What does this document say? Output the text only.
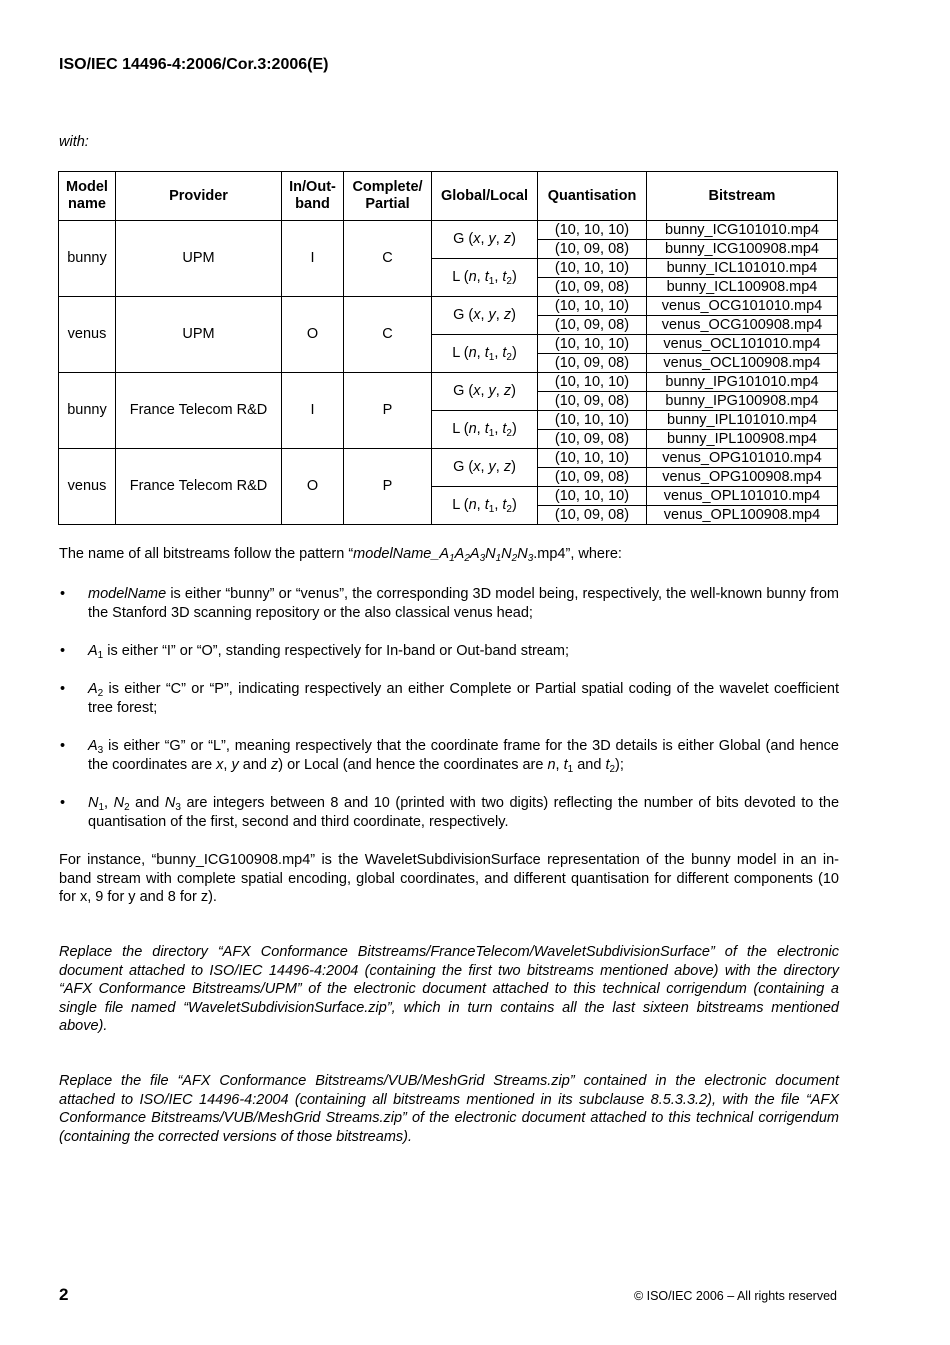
ISO/IEC 14496-4:2006/Cor.3:2006(E)
with:
Model name	Provider	In/Out-band	Complete/ Partial	Global/Local	Quantisation	Bitstream
bunny	UPM	I	C	G (x, y, z)	(10, 10, 10)	bunny_ICG101010.mp4
					(10, 09, 08)	bunny_ICG100908.mp4
				L (n, $t_1$, $t_2$)	(10, 10, 10)	bunny_ICL101010.mp4
					(10, 09, 08)	bunny_ICL100908.mp4
venus	UPM	O	C	G (x, y, z)	(10, 10, 10)	venus_OCG101010.mp4
					(10, 09, 08)	venus_OCG100908.mp4
				L (n, $t_1$, $t_2$)	(10, 10, 10)	venus_OCL101010.mp4
					(10, 09, 08)	venus_OCL100908.mp4
bunny	France Telecom R&D	I	P	G (x, y, z)	(10, 10, 10)	bunny_IPG101010.mp4
					(10, 09, 08)	bunny_IPG100908.mp4
				L (n, $t_1$, $t_2$)	(10, 10, 10)	bunny_IPL101010.mp4
					(10, 09, 08)	bunny_IPL100908.mp4
venus	France Telecom R&D	O	P	G (x, y, z)	(10, 10, 10)	venus_OPG101010.mp4
					(10, 09, 08)	venus_OPG100908.mp4
				L (n, $t_1$, $t_2$)	(10, 10, 10)	venus_OPL101010.mp4
					(10, 09, 08)	venus_OPL100908.mp4
The name of all bitstreams follow the pattern “$modelName\_A_1A_2A_3N_1N_2N_3.mp4$”, where:
• modelName is either “bunny” or “venus”, the corresponding 3D model being, respectively, the well-known bunny from the Stanford 3D scanning repository or the also classical venus head;
• $A_1$ is either “I” or “O”, standing respectively for In-band or Out-band stream;
• $A_2$ is either “C” or “P”, indicating respectively an either Complete or Partial spatial coding of the wavelet coefficient tree forest;
• $A_3$ is either “G” or “L”, meaning respectively that the coordinate frame for the 3D details is either Global (and hence the coordinates are x, y and z) or Local (and hence the coordinates are n, $t_1$ and $t_2$);
• $N_1$, $N_2$ and $N_3$ are integers between 8 and 10 (printed with two digits) reflecting the number of bits devoted to the quantisation of the first, second and third coordinate, respectively.
For instance, “bunny_ICG100908.mp4” is the WaveletSubdivisionSurface representation of the bunny model in an in-band stream with complete spatial encoding, global coordinates, and different quantisation for different components (10 for x, 9 for y and 8 for z).
Replace the directory “AFX Conformance Bitstreams/FranceTelecom/WaveletSubdivisionSurface” of the electronic document attached to ISO/IEC 14496-4:2004 (containing the first two bitstreams mentioned above) with the directory “AFX Conformance Bitstreams/UPM” of the electronic document attached to this technical corrigendum (containing a single file named “WaveletSubdivisionSurface.zip”, which in turn contains all the last sixteen bitstreams mentioned above).
Replace the file “AFX Conformance Bitstreams/VUB/MeshGrid Streams.zip” contained in the electronic document attached to ISO/IEC 14496-4:2004 (containing all bitstreams mentioned in its subclause 8.5.3.3.2), with the file “AFX Conformance Bitstreams/VUB/MeshGrid Streams.zip” of the electronic document attached to this technical corrigendum (containing the corrected versions of those bitstreams).
2	© ISO/IEC 2006 – All rights reserved
